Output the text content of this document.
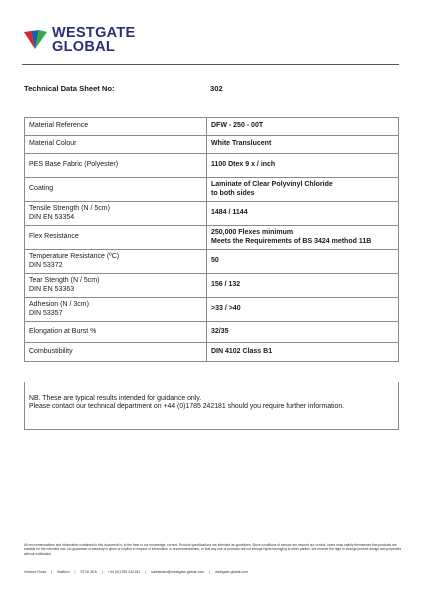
WESTGATE
GLOBAL
Technical Data Sheet No:	302
Material Reference	DFW - 250 - 00T

Material Colour	White Translucent

PES Base Fabric (Polyester)	1100 Dtex 9 x / inch

Coating	Laminate of Clear Polyvinyl Chloride
to both sides

Tensile Strength (N / 5cm)
DIN EN 53354	1484 / 1144

Flex Resistance	250,000 Flexes minimum
Meets the Requirements of BS 3424 method 11B

Temperature Resistance (ºC)
DIN 53372	50

Tear Stength (N / 5cm)
DIN EN 53363	156 / 132

Adhesion (N / 3cm)
DIN 53357	>33 / >40

Elongation at Burst %	32/35

Combustibility	DIN 4102 Class B1
NB. These are typical results intended for guidance only.
Please contact our technical department on +44 (0)1785 242181 should you require further information.
All recommendations and information contained in this document is, to the best or our knowledge, correct. Product specifications are intended as guidelines. Since conditions of service are beyond our control, users must satisfy themselves that products are suitable for the intended use. No guarantee or warranty is given or implied in respect of information or recommendations, or that any use of products will not infringe rights belonging to other parties. We reserve the right to change product design and properties without notification.
Venture Road | Stafford | ST16 3EA | +44 (0)1785 242181 | salesteam@westgate-global.com | westgate-global.com
